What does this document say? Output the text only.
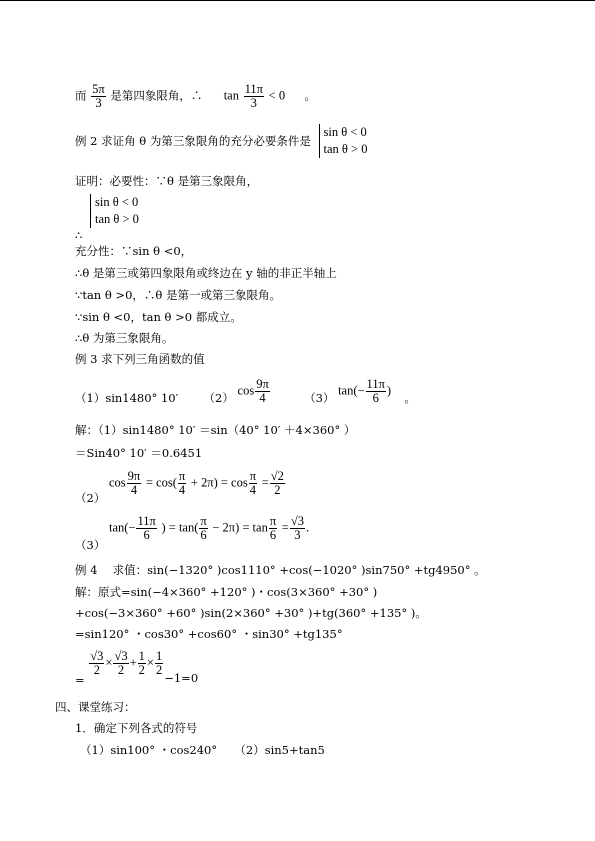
而 $\frac{5\pi}{3}$ 是第四象限角，∴ $\tan \frac{11\pi}{3} < 0$ 。
例 2 求证角 θ 为第三象限角的充分必要条件是
sin θ < 0
tan θ > 0
证明：必要性：∵θ 是第三象限角，
∴
sin θ < 0
tan θ > 0
充分性：∵sin θ <0，
∴θ 是第三或第四象限角或终边在 y 轴的非正半轴上
∵tan θ >0，∴θ 是第一或第三象限角。
∵sin θ <0，tan θ >0 都成立。
∴θ 为第三象限角。
例 3 求下列三角函数的值
（1）sin1480° 10′ （2） $\cos \frac{9\pi}{4}$	（3） $\tan(- \frac{11\pi}{6}$ )  。
解：（1）sin1480° 10′ ＝sin（40° 10′ ＋4×360° ）
＝Sin40° 10′ ＝0.6451
（2） $\cos \frac{9\pi}{4} = \cos( \frac{\pi}{4} + 2\pi) = \cos \frac{\pi}{4} = \frac{√2}{2}$
（3） $\tan(- \frac{11\pi}{6}$ ) = $\tan( \frac{\pi}{6} - 2\pi) = \tan \frac{\pi}{6} = \frac{√3}{3}$ .
例 4　 求值：sin(−1320° )cos1110° +cos(−1020° )sin750° +tg4950° 。
解：原式=sin(−4×360° +120° )・cos(3×360° +30° )
+cos(−3×360° +60° )sin(2×360° +30° )+tg(360° +135° )。
=sin120° ・cos30° +cos60° ・sin30° +tg135°
=
$\frac{√3}{2} \times \frac{√3}{2} + \frac{1}{2} \times \frac{1}{2}$
−1=0
四、课堂练习：
1．确定下列各式的符号
（1）sin100° ・cos240°　　（2）sin5+tan5
